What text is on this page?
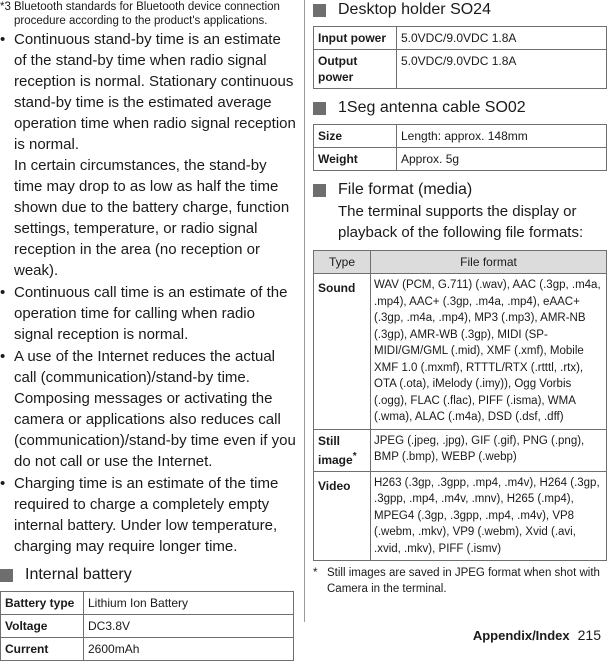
*3 Bluetooth standards for Bluetooth device connection procedure according to the product's applications.
• Continuous stand-by time is an estimate of the stand-by time when radio signal reception is normal. Stationary continuous stand-by time is the estimated average operation time when radio signal reception is normal.

In certain circumstances, the stand-by time may drop to as low as half the time shown due to the battery charge, function settings, temperature, or radio signal reception in the area (no reception or weak).

• Continuous call time is an estimate of the operation time for calling when radio signal reception is normal.

• A use of the Internet reduces the actual call (communication)/stand-by time.

Composing messages or activating the camera or applications also reduces call (communication)/stand-by time even if you do not call or use the Internet.

• Charging time is an estimate of the time required to charge a completely empty internal battery. Under low temperature, charging may require longer time.

Internal battery
Battery type	Lithium Ion Battery
Voltage	DC3.8V
Current	2600mAh
Desktop holder SO24
Input power	5.0VDC/9.0VDC 1.8A
Output power	5.0VDC/9.0VDC 1.8A
1Seg antenna cable SO02
Size	Length: approx. 148mm
Weight	Approx. 5g
File format (media)
The terminal supports the display or playback of the following file formats:
Type	File format
Sound	WAV (PCM, G.711) (.wav), AAC (.3gp, .m4a, .mp4), AAC+ (.3gp, .m4a, .mp4), eAAC+ (.3gp, .m4a, .mp4), MP3 (.mp3), AMR-NB (.3gp), AMR-WB (.3gp), MIDI (SP-MIDI/GM/GML (.mid), XMF (.xmf), Mobile XMF 1.0 (.mxmf), RTTTL/RTX (.rtttl, .rtx), OTA (.ota), iMelody (.imy)), Ogg Vorbis (.ogg), FLAC (.flac), PIFF (.isma), WMA (.wma), ALAC (.m4a), DSD (.dsf, .dff)
Still image*	JPEG (.jpeg, .jpg), GIF (.gif), PNG (.png), BMP (.bmp), WEBP (.webp)
Video	H263 (.3gp, .3gpp, .mp4, .m4v), H264 (.3gp, .3gpp, .mp4, .m4v, .mnv), H265 (.mp4), MPEG4 (.3gp, .3gpp, .mp4, .m4v), VP8 (.webm, .mkv), VP9 (.webm), Xvid (.avi, .xvid, .mkv), PIFF (.ismv)
* Still images are saved in JPEG format when shot with Camera in the terminal.
Appendix/Index 215
